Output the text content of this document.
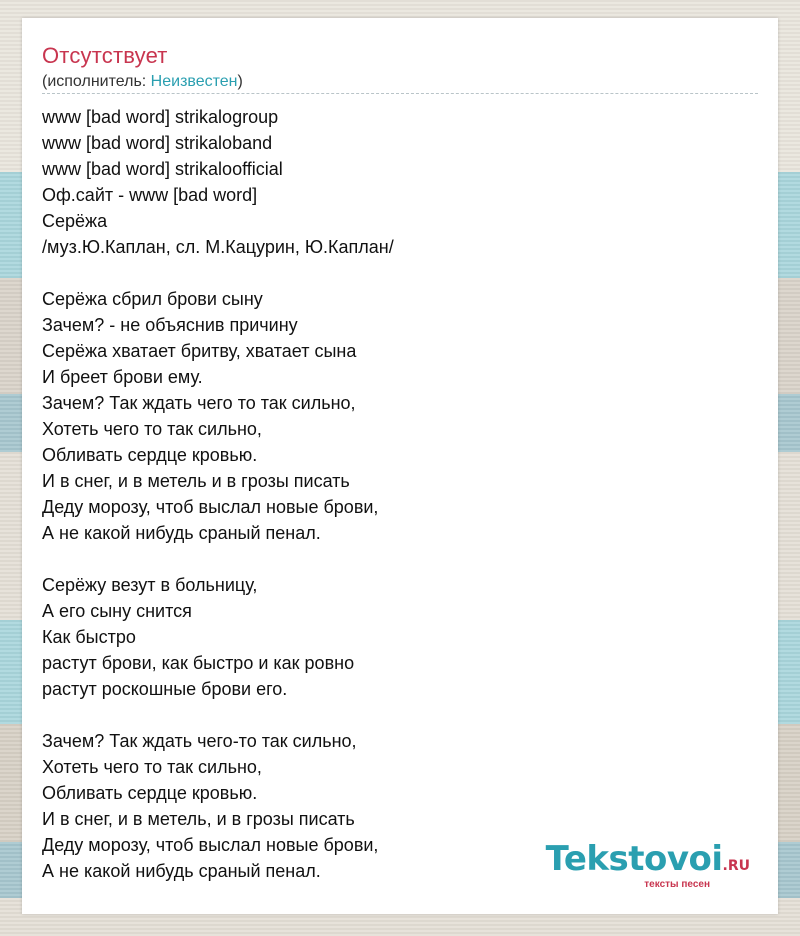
Отсутствует
(исполнитель: Неизвестен)
www [bad word] strikalogroup
www [bad word] strikaloband
www [bad word] strikaloofficial
Оф.сайт - www [bad word]
Серёжа
/муз.Ю.Каплан, сл. М.Кацурин, Ю.Каплан/
Серёжа сбрил брови сыну
Зачем? - не объяснив причину
Серёжа хватает бритву, хватает сына
И бреет брови ему.
Зачем? Так ждать чего то так сильно,
Хотеть чего то так сильно,
Обливать сердце кровью.
И в снег, и в метель и в грозы писать
Деду морозу, чтоб выслал новые брови,
А не какой нибудь сраный пенал.
Серёжу везут в больницу,
А его сыну снится
Как быстро
растут брови, как быстро и как ровно
растут роскошные брови его.
Зачем? Так ждать чего-то так сильно,
Хотеть чего то так сильно,
Обливать сердце кровью.
И в снег, и в метель, и в грозы писать
Деду морозу, чтоб выслал новые брови,
А не какой нибудь сраный пенал.	Tekstovoi.RU
тексты песен
